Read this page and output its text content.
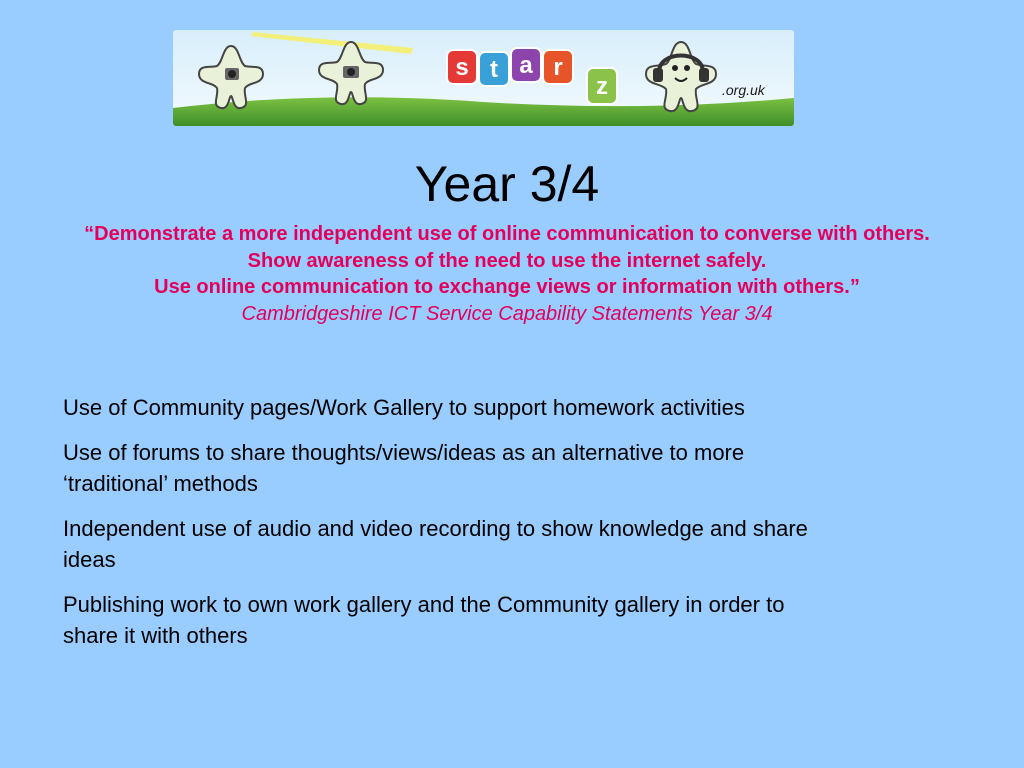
s t a r
z	.org.uk
Year 3/4
“Demonstrate a more independent use of online communication to converse with others.
Show awareness of the need to use the internet safely.
Use online communication to exchange views or information with others.”
Cambridgeshire ICT Service Capability Statements Year 3/4

Use of Community pages/Work Gallery to support homework activities

Use of forums to share thoughts/views/ideas as an alternative to more ‘traditional’ methods

Independent use of audio and video recording to show knowledge and share ideas

Publishing work to own work gallery and the Community gallery in order to share it with others
